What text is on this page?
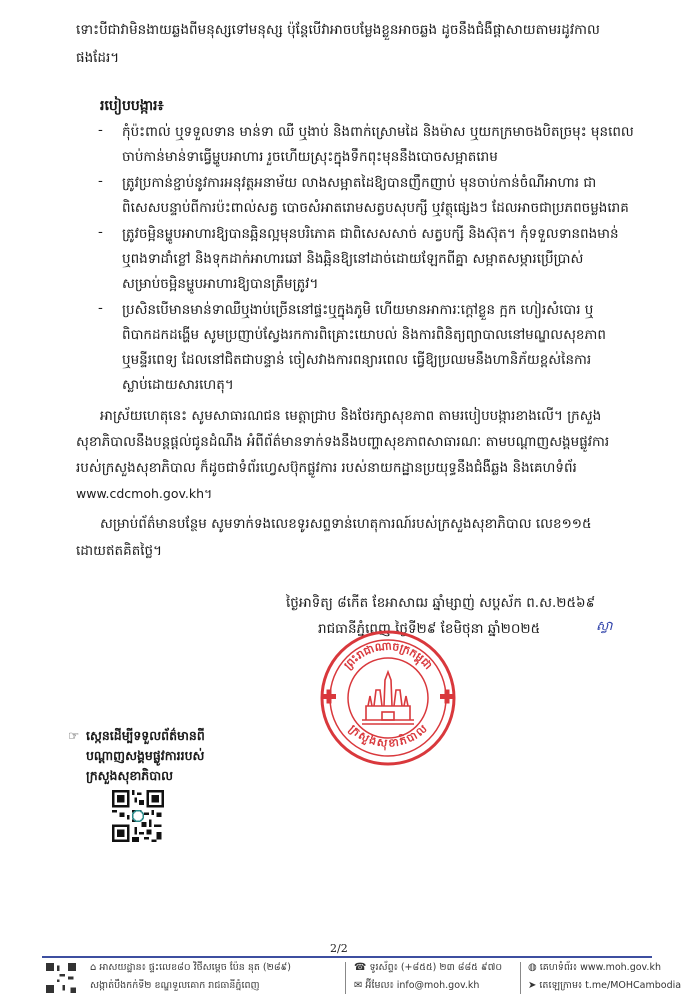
ទោះបីជាវាមិនងាយឆ្លងពីមនុស្សទៅមនុស្ស ប៉ុន្តែបើវាអាចបម្លែងខ្លួនអាចឆ្លង ដូចនឹងជំងឺផ្តាសាយតាមរដូវកាល
ផងដែរ។
របៀបបង្ការ៖
- កុំប៉ះពាល់ ឬទទួលទាន មាន់ទា ឈឺ ឬងាប់ និងពាក់ស្រោមដៃ និងម៉ាស ឬយកក្រមាចងបិតច្រមុះ មុនពេល
ចាប់កាន់មាន់ទាធ្វើម្ហូបអាហារ រួចហើយស្រុះក្នុងទឹកពុះមុននឹងបោចសម្អាតរោម
- ត្រូវប្រកាន់ខ្ជាប់នូវការអនុវត្តអនាម័យ លាងសម្អាតដៃឱ្យបានញឹកញាប់ មុនចាប់កាន់ចំណីអាហារ ជា
ពិសេសបន្ទាប់ពីការប៉ះពាល់សត្វ បោចសំអាតរោមសត្វបសុបក្សី ឬវត្ថុផ្សេងៗ ដែលអាចជាប្រភពចម្លងរោគ
- ត្រូវចម្អិនម្ហូបអាហារឱ្យបានឆ្អិនល្អមុនបរិភោគ ជាពិសេសសាច់ សត្វបក្សី និងស៊ុត។ កុំទទួលទានពងមាន់
ឬពងទាដាំខ្លៅ និងទុកដាក់អាហារឆៅ និងឆ្អិនឱ្យនៅដាច់ដោយឡែកពីគ្នា សម្អាតសម្ភារប្រើប្រាស់
សម្រាប់ចម្អិនម្ហូបអាហារឱ្យបានត្រឹមត្រូវ។
- ប្រសិនបើមានមាន់ទាឈឺឬងាប់ច្រើននៅផ្ទះឬក្នុងភូមិ ហើយមានអាការៈក្តៅខ្លួន ក្អក ហៀរសំបោរ ឬ
ពិបាកដកដង្ហើម សូមប្រញាប់ស្វែងរកការពិគ្រោះយោបល់ និងការពិនិត្យព្យាបាលនៅមណ្ឌលសុខភាព
ឬមន្ទីរពេទ្យ ដែលនៅជិតជាបន្ទាន់ ចៀសវាងការពន្យារពេល ធ្វើឱ្យប្រឈមនឹងហានិភ័យខ្ពស់នៃការ
ស្លាប់ដោយសារហេតុ។
អាស្រ័យហេតុនេះ សូមសាធារណជន មេត្តាជ្រាប និងថែរក្សាសុខភាព តាមរបៀបបង្ការខាងលើ។ ក្រសួង
សុខាភិបាលនឹងបន្តផ្តល់ជូនដំណឹង អំពីព័ត៌មានទាក់ទងនឹងបញ្ហាសុខភាពសាធារណៈ តាមបណ្តាញសង្គមផ្លូវការ
របស់ក្រសួងសុខាភិបាល ក៏ដូចជាទំព័រហ្វេសប៊ុកផ្លូវការ របស់នាយកដ្ឋានប្រយុទ្ធនឹងជំងឺឆ្លង និងគេហទំព័រ
www.cdcmoh.gov.kh។
សម្រាប់ព័ត៌មានបន្ថែម សូមទាក់ទងលេខទូរសព្ទទាន់ហេតុការណ៍របស់ក្រសួងសុខាភិបាល លេខ១១៥
ដោយឥតគិតថ្លៃ។
ថ្ងៃអាទិត្យ ៨កើត ខែអាសាឍ ឆ្នាំម្សាញ់ សប្តស័ក ព.ស.២៥៦៩
រាជធានីភ្នំពេញ ថ្ងៃទី២៩ ខែមិថុនា ឆ្នាំ២០២៥	ស្វា
ព្រះរាជាណាចក្រកម្ពុជា
ក្រសួងសុខាភិបាល
☞ ស្កេនដើម្បីទទួលព័ត៌មានពី
បណ្តាញសង្គមផ្លូវការរបស់
ក្រសួងសុខាភិបាល
2/2
⌂ អាសយដ្ឋាន៖ ផ្ទះលេខ៨០ វិថីសម្ដេច ប៉ែន នុត (២៨៩)
សង្កាត់បឹងកក់ទី២ ខណ្ឌទួលគោក រាជធានីភ្នំពេញ
☎ ទូរស័ព្ទ៖ (+៨៥៥) ២៣ ៨៨៥ ៩៧០
✉ អ៊ីមែល៖ info@moh.gov.kh
◍ គេហទំព័រ៖ www.moh.gov.kh
➤ តេឡេក្រាម៖ t.me/MOHCambodia
